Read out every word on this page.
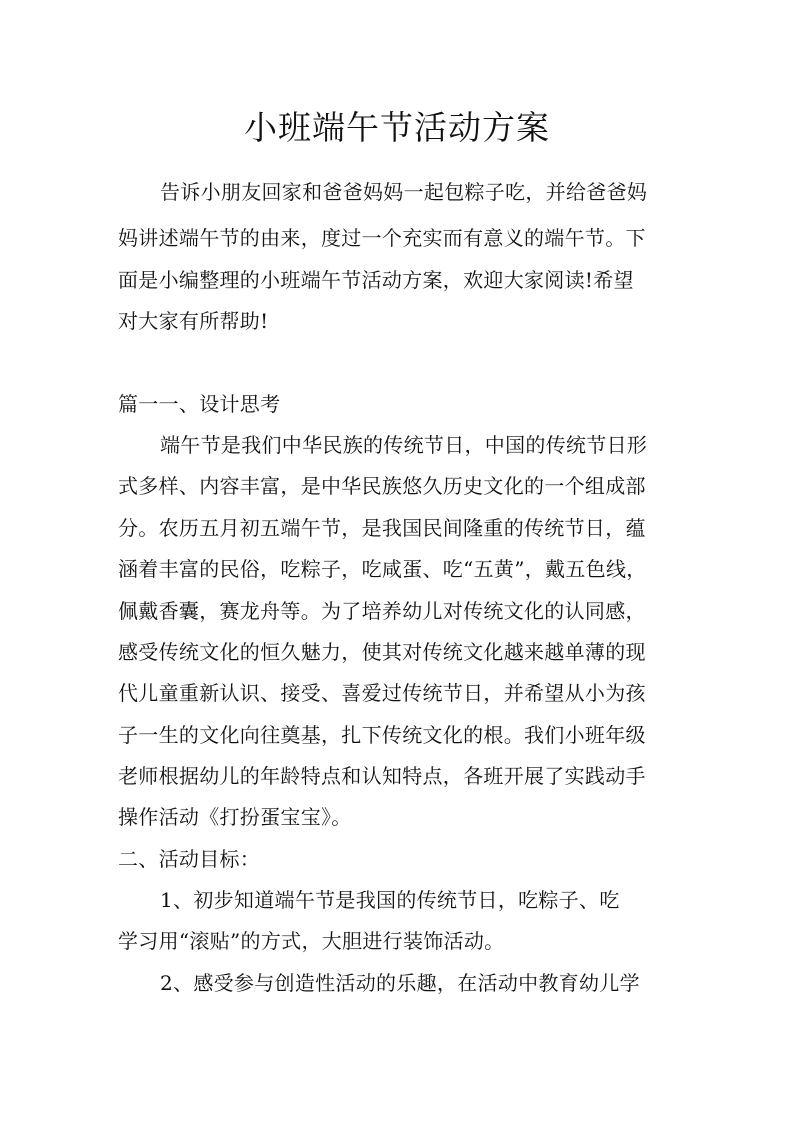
小班端午节活动方案

告诉小朋友回家和爸爸妈妈一起包粽子吃，并给爸爸妈

妈讲述端午节的由来，度过一个充实而有意义的端午节。下

面是小编整理的小班端午节活动方案，欢迎大家阅读!希望

对大家有所帮助!

篇一一、设计思考

端午节是我们中华民族的传统节日，中国的传统节日形

式多样、内容丰富，是中华民族悠久历史文化的一个组成部

分。农历五月初五端午节，是我国民间隆重的传统节日，蕴

涵着丰富的民俗，吃粽子，吃咸蛋、吃“五黄”，戴五色线，

佩戴香囊，赛龙舟等。为了培养幼儿对传统文化的认同感，

感受传统文化的恒久魅力，使其对传统文化越来越单薄的现

代儿童重新认识、接受、喜爱过传统节日，并希望从小为孩

子一生的文化向往奠基，扎下传统文化的根。我们小班年级

老师根据幼儿的年龄特点和认知特点，各班开展了实践动手

操作活动《打扮蛋宝宝》。

二、活动目标：

1、初步知道端午节是我国的传统节日，吃粽子、吃

学习用“滚贴”的方式，大胆进行装饰活动。

2、感受参与创造性活动的乐趣，在活动中教育幼儿学
